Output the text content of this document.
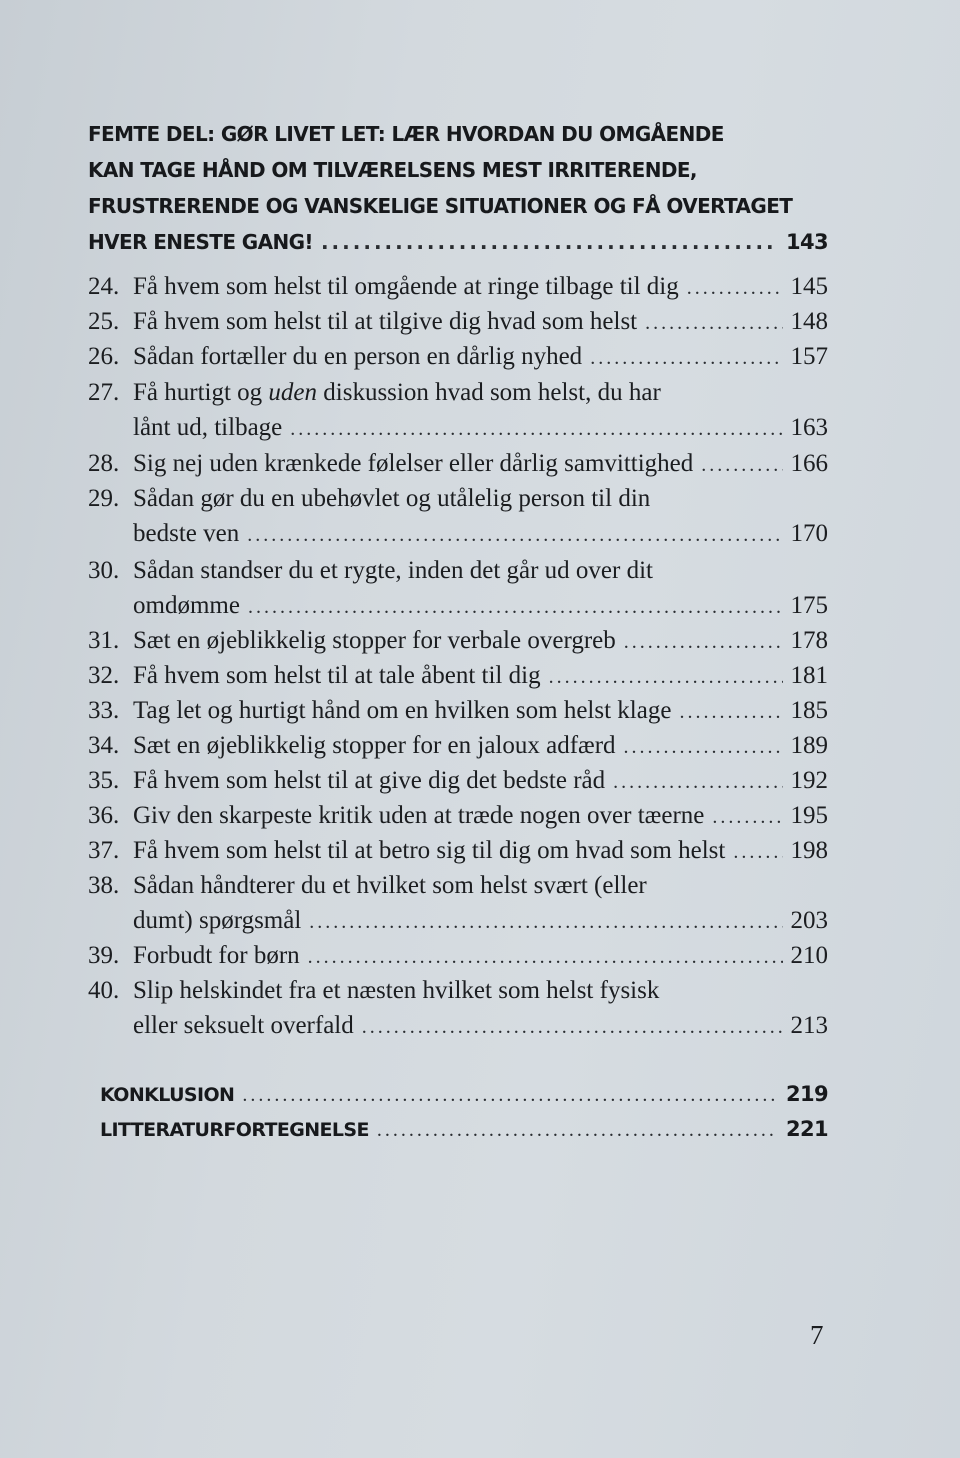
FEMTE DEL: GØR LIVET LET: LÆR HVORDAN DU OMGÅENDE
KAN TAGE HÅND OM TILVÆRELSENS MEST IRRITERENDE,
FRUSTRERENDE OG VANSKELIGE SITUATIONER OG FÅ OVERTAGET
HVER ENESTE GANG! .....	143
24. Få hvem som helst til omgående at ringe tilbage til dig .....	145
25. Få hvem som helst til at tilgive dig hvad som helst .....	148
26. Sådan fortæller du en person en dårlig nyhed .....	157
27. Få hurtigt og uden diskussion hvad som helst, du har
lånt ud, tilbage .....	163
28. Sig nej uden krænkede følelser eller dårlig samvittighed .....	166
29. Sådan gør du en ubehøvlet og utålelig person til din
bedste ven .....	170
30. Sådan standser du et rygte, inden det går ud over dit
omdømme .....	175
31. Sæt en øjeblikkelig stopper for verbale overgreb .....	178
32. Få hvem som helst til at tale åbent til dig .....	181
33. Tag let og hurtigt hånd om en hvilken som helst klage .....	185
34. Sæt en øjeblikkelig stopper for en jaloux adfærd .....	189
35. Få hvem som helst til at give dig det bedste råd .....	192
36. Giv den skarpeste kritik uden at træde nogen over tæerne .....	195
37. Få hvem som helst til at betro sig til dig om hvad som helst .....	198
38. Sådan håndterer du et hvilket som helst svært (eller
dumt) spørgsmål .....	203
39. Forbudt for børn .....	210
40. Slip helskindet fra et næsten hvilket som helst fysisk
eller seksuelt overfald .....	213
KONKLUSION .....	219
LITTERATURFORTEGNELSE .....	221
7
